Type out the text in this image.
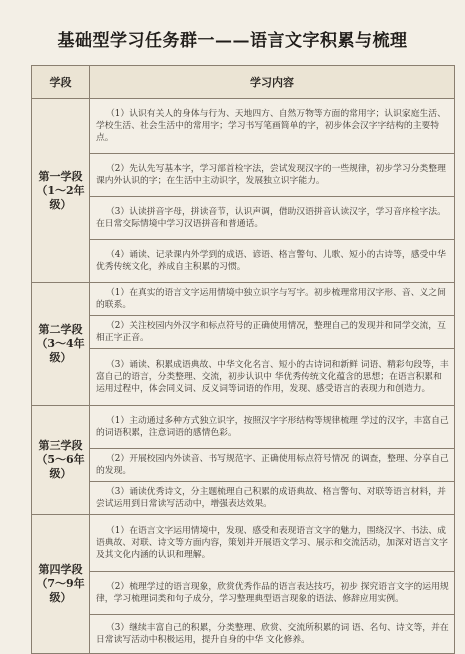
基础型学习任务群一——语言文字积累与梳理
学段	学习内容

第一学段
（1～2年级）	（1）认识有关人的身体与行为、天地四方、自然万物等方面的常用字；认识家庭生活、学校生活、社会生活中的常用字；学习书写笔画简单的字，初步体会汉字字结构的主要特点。
	（2）先认先写基本字，学习部首检字法，尝试发现汉字的一些规律，初步学习分类整理课内外认识的字；在生活中主动识字，发展独立识字能力。
	（3）认读拼音字母，拼读音节，认识声调，借助汉语拼音认读汉字，学习音序检字法。在日常交际情境中学习汉语拼音和普通话。
	（4）诵读、记录课内外学到的成语、谚语、格言警句、儿歌、短小的古诗等，感受中华优秀传统文化，养成自主积累的习惯。

第二学段
（3～4年级）	（1）在真实的语言文字运用情境中独立识字与写字。初步梳理常用汉字形、音、义之间的联系。
	（2）关注校园内外汉字和标点符号的正确使用情况，整理自己的发现并和同学交流，互相正字正音。
	（3）诵读、积累成语典故、中华文化名言、短小的古诗词和新鲜 词语、精彩句段等，丰富自己的语言，分类整理、交流，初步认识中 华优秀传统文化蕴含的思想；在语言积累和运用过程中，体会同义词、反义词等词语的作用，发现、感受语言的表现力和创造力。

第三学段
（5～6年级）	（1）主动通过多种方式独立识字，按照汉字字形结构等规律梳理 学过的汉字，丰富自己的词语积累，注意词语的感情色彩。
	（2）开展校园内外读音、书写规范字、正确使用标点符号情况 的调查，整理、分享自己的发现。
	（3）诵读优秀诗文，分主题梳理自己积累的成语典故、格言警句、对联等语言材料，并尝试运用到日常读写活动中，增强表达效果。

第四学段
（7～9年级）	（1）在语言文字运用情境中，发现、感受和表现语言文字的魅力，围绕汉字、书法、成语典故、对联、诗文等方面内容，策划并开展语文学习、展示和交流活动，加深对语言文字及其文化内涵的认识和理解。
	（2）梳理学过的语言现象，欣赏优秀作品的语言表达技巧，初步 探究语言文字的运用规律，学习梳理词类和句子成分，学习整理典型语言现象的语法、修辞应用实例。
	（3）继续丰富自己的积累，分类整理、欣赏、交流所积累的词 语、名句、诗文等，并在日常读写活动中积极运用，提升自身的中华 文化修养。
